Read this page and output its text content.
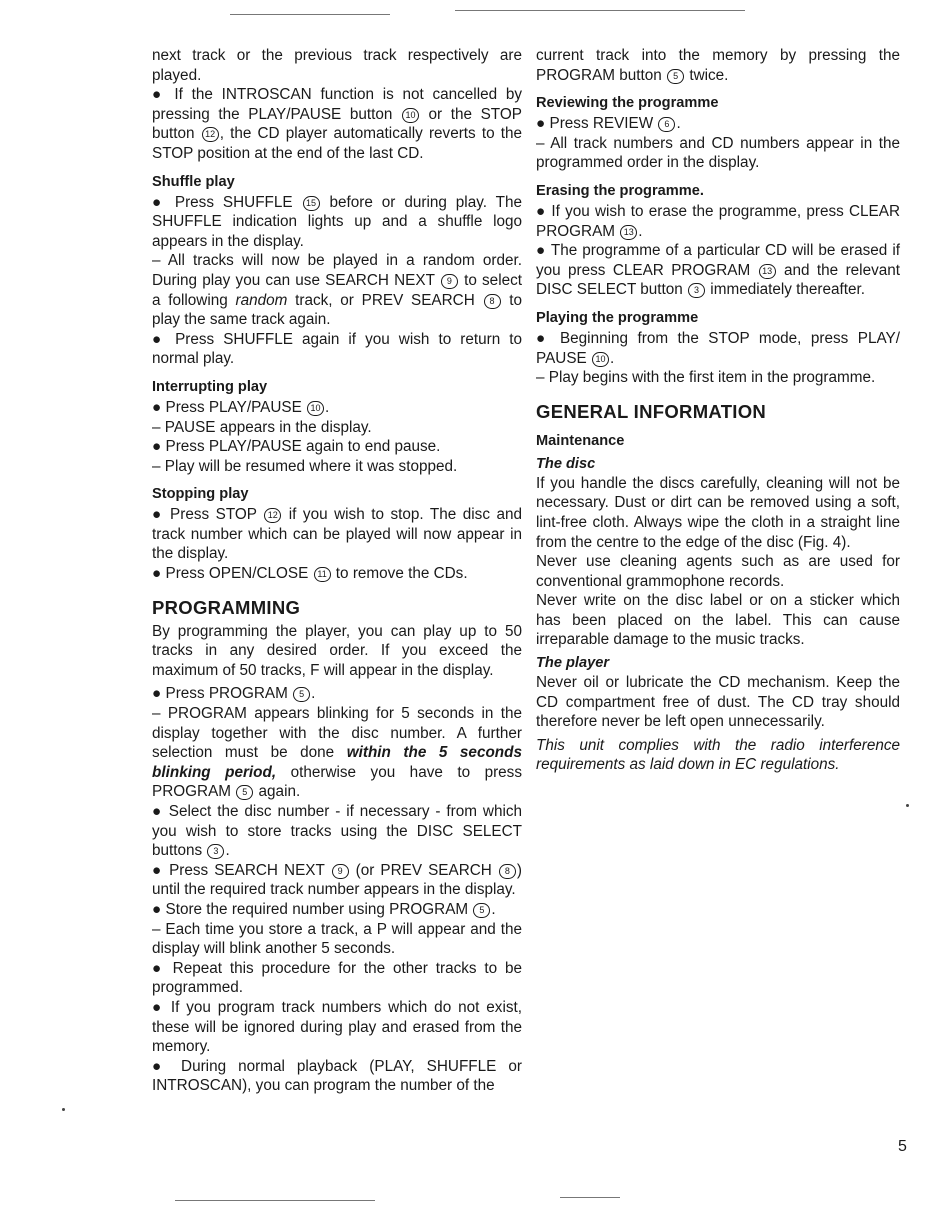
next track or the previous track respectively are played.

● If the INTROSCAN function is not cancelled by pressing the PLAY/PAUSE button 10 or the STOP button 12 , the CD player automatically reverts to the STOP position at the end of the last CD.

Shuffle play

● Press SHUFFLE 15 before or during play. The SHUFFLE indication lights up and a shuffle logo appears in the display.

– All tracks will now be played in a random order. During play you can use SEARCH NEXT 9 to select a following random track, or PREV SEARCH 8 to play the same track again.

● Press SHUFFLE again if you wish to return to normal play.

Interrupting play

● Press PLAY/PAUSE 10 .

– PAUSE appears in the display.

● Press PLAY/PAUSE again to end pause.

– Play will be resumed where it was stopped.

Stopping play

● Press STOP 12 if you wish to stop. The disc and track number which can be played will now appear in the display.

● Press OPEN/CLOSE 11 to remove the CDs.

PROGRAMMING

By programming the player, you can play up to 50 tracks in any desired order. If you exceed the maximum of 50 tracks, F will appear in the display.

● Press PROGRAM 5 .

– PROGRAM appears blinking for 5 seconds in the display together with the disc number. A further selection must be done within the 5 seconds blinking period, otherwise you have to press PROGRAM 5 again.

● Select the disc number - if necessary - from which you wish to store tracks using the DISC SELECT buttons 3 .

● Press SEARCH NEXT 9 (or PREV SEARCH 8 ) until the required track number appears in the display.

● Store the required number using PROGRAM 5 .

– Each time you store a track, a P will appear and the display will blink another 5 seconds.

● Repeat this procedure for the other tracks to be programmed.

● If you program track numbers which do not exist, these will be ignored during play and erased from the memory.

● During normal playback (PLAY, SHUFFLE or INTROSCAN), you can program the number of the

current track into the memory by pressing the PROGRAM button 5 twice.

Reviewing the programme

● Press REVIEW 6 .

– All track numbers and CD numbers appear in the programmed order in the display.

Erasing the programme.

● If you wish to erase the programme, press CLEAR PROGRAM 13 .

● The programme of a particular CD will be erased if you press CLEAR PROGRAM 13 and the relevant DISC SELECT button 3 immediately thereafter.

Playing the programme

● Beginning from the STOP mode, press PLAY/ PAUSE 10 .

– Play begins with the first item in the programme.

GENERAL INFORMATION
Maintenance
The disc

If you handle the discs carefully, cleaning will not be necessary. Dust or dirt can be removed using a soft, lint-free cloth. Always wipe the cloth in a straight line from the centre to the edge of the disc (Fig. 4).

Never use cleaning agents such as are used for conventional grammophone records.

Never write on the disc label or on a sticker which has been placed on the label. This can cause irreparable damage to the music tracks.

The player

Never oil or lubricate the CD mechanism. Keep the CD compartment free of dust. The CD tray should therefore never be left open unnecessarily.

This unit complies with the radio interference requirements as laid down in EC regulations.

5
